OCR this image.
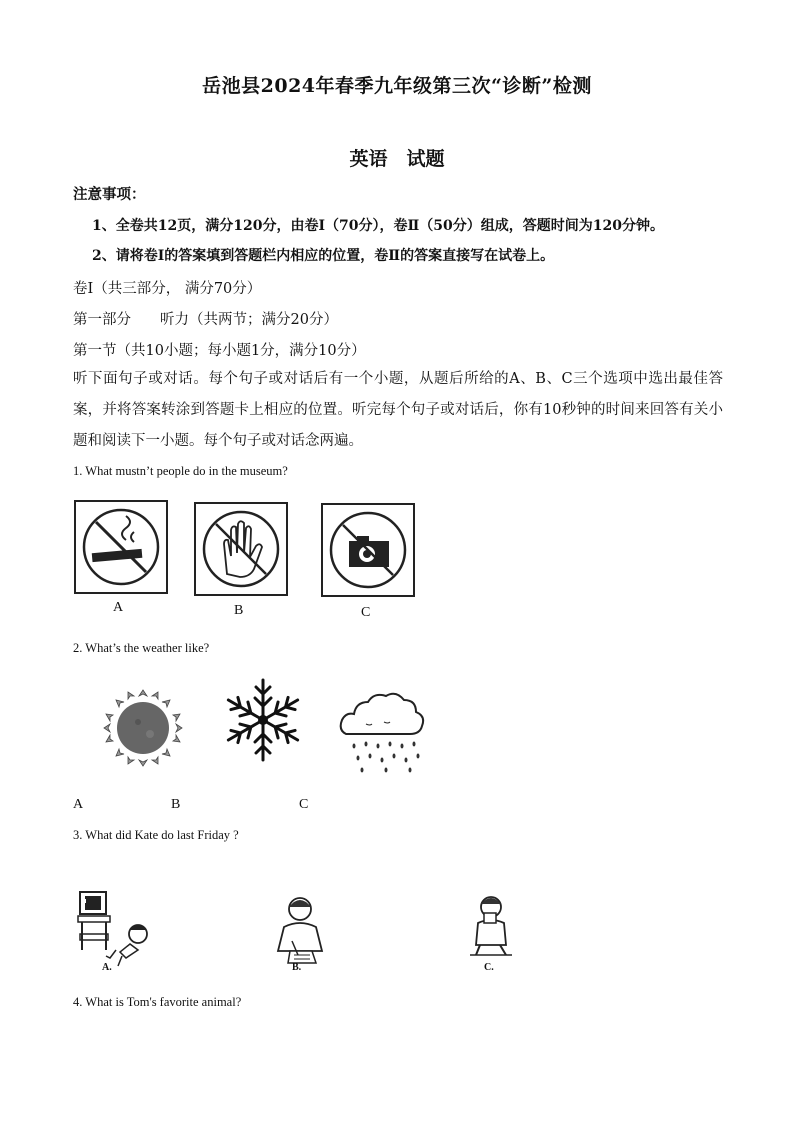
岳池县2024年春季九年级第三次“诊断”检测
英语　试题
注意事项：
1、全卷共12页，满分120分，由卷Ⅰ（70分），卷Ⅱ（50分）组成，答题时间为120分钟。
2、请将卷Ⅰ的答案填到答题栏内相应的位置，卷Ⅱ的答案直接写在试卷上。
卷Ⅰ（共三部分， 满分70分）
第一部分　　听力（共两节；满分20分）
第一节（共10小题；每小题1分，满分10分）
听下面句子或对话。每个句子或对话后有一个小题，从题后所给的A、B、C三个选项中选出最佳答案，并将答案转涂到答题卡上相应的位置。听完每个句子或对话后，你有10秒钟的时间来回答有关小题和阅读下一小题。每个句子或对话念两遍。
1. What mustn’t people do in the museum?
A	B	C
2. What’s the weather like?
A	B	C
3. What did Kate do last Friday ?
A.	B.	C.
4. What is Tom's favorite animal?
